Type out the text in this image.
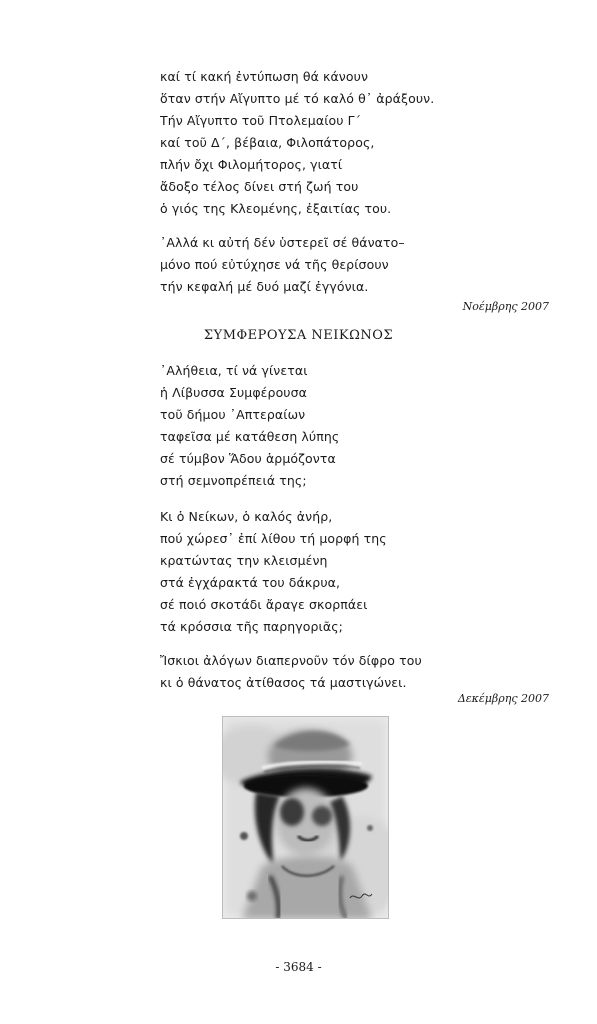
καί τί κακή ἐντύπωση θά κάνουν
ὅταν στήν Αἴγυπτο μέ τό καλό θ᾿ ἀράξουν.
Τήν Αἴγυπτο τοῦ Πτολεμαίου Γ´
καί τοῦ Δ´, βέβαια, Φιλοπάτορος,
πλήν ὄχι Φιλομήτορος, γιατί
ἄδοξο τέλος δίνει στή ζωή του
ὁ γιός της Κλεομένης, ἐξαιτίας του.
᾿Αλλά κι αὐτή δέν ὑστερεῖ σέ θάνατο–
μόνο πού εὐτύχησε νά τῆς θερίσουν
τήν κεφαλή μέ δυό μαζί ἐγγόνια.
Νοέμβρης 2007
ΣΥΜΦΕΡΟΥΣΑ ΝΕΙΚΩΝΟΣ
᾿Αλήθεια, τί νά γίνεται
ἡ Λίβυσσα Συμφέρουσα
τοῦ δήμου ᾿Απτεραίων
ταφεῖσα μέ κατάθεση λύπης
σέ τύμβον Ἅδου ἁρμόζοντα
στή σεμνοπρέπειά της;
Κι ὁ Νείκων, ὁ καλός ἀνήρ,
πού χώρεσ᾿ ἐπί λίθου τή μορφή της
κρατώντας την κλεισμένη
στά ἐγχάρακτά του δάκρυα,
σέ ποιό σκοτάδι ἄραγε σκορπάει
τά κρόσσια τῆς παρηγοριᾶς;
Ἴσκιοι ἀλόγων διαπερνοῦν τόν δίφρο του
κι ὁ θάνατος ἀτίθασος τά μαστιγώνει.
Δεκέμβρης 2007
- 3684 -
